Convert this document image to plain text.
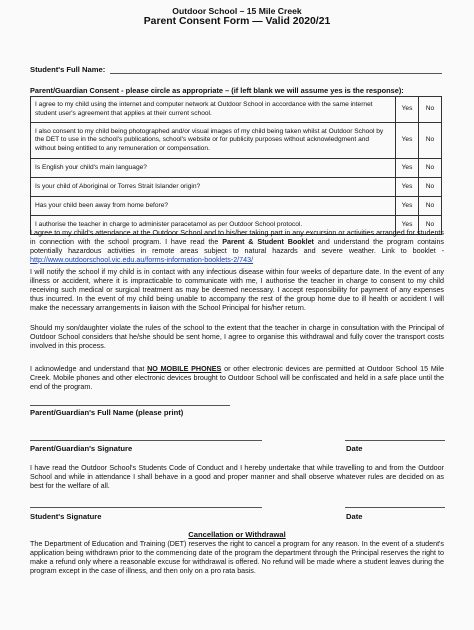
Outdoor School – 15 Mile Creek
Parent Consent Form — Valid 2020/21
Student's Full Name:
Parent/Guardian Consent - please circle as appropriate – (if left blank we will assume yes is the response):
I agree to my child using the internet and computer network at Outdoor School in accordance with the same internet student user's agreement that applies at their current school.	Yes	No
I also consent to my child being photographed and/or visual images of my child being taken whilst at Outdoor School by the DET to use in the school's publications, school's website or for publicity purposes without acknowledgment and without being entitled to any remuneration or compensation.	Yes	No
Is English your child's main language?	Yes	No
Is your child of Aboriginal or Torres Strait Islander origin?	Yes	No
Has your child been away from home before?	Yes	No
I authorise the teacher in charge to administer paracetamol as per Outdoor School protocol.	Yes	No
I agree to my child's attendance at the Outdoor School and to his/her taking part in any excursion or activities arranged for students in connection with the school program. I have read the Parent & Student Booklet and understand the program contains potentially hazardous activities in remote areas subject to natural hazards and severe weather. Link to booklet - http://www.outdoorschool.vic.edu.au/forms-information-booklets-2/743/
I will notify the school if my child is in contact with any infectious disease within four weeks of departure date. In the event of any illness or accident, where it is impracticable to communicate with me, I authorise the teacher in charge to consent to my child receiving such medical or surgical treatment as may be deemed necessary. I accept responsibility for payment of any expenses thus incurred. In the event of my child being unable to accompany the rest of the group home due to ill health or accident I will make the necessary arrangements in liaison with the School Principal for his/her return.
Should my son/daughter violate the rules of the school to the extent that the teacher in charge in consultation with the Principal of Outdoor School considers that he/she should be sent home, I agree to organise this withdrawal and fully cover the transport costs involved in this process.
I acknowledge and understand that NO MOBILE PHONES or other electronic devices are permitted at Outdoor School 15 Mile Creek. Mobile phones and other electronic devices brought to Outdoor School will be confiscated and held in a safe place until the end of the program.
Parent/Guardian's Full Name (please print)
Parent/Guardian's Signature	Date
I have read the Outdoor School's Students Code of Conduct and I hereby undertake that while travelling to and from the Outdoor School and while in attendance I shall behave in a good and proper manner and shall observe whatever rules are decided on as best for the welfare of all.
Student's Signature	Date
Cancellation or Withdrawal
The Department of Education and Training (DET) reserves the right to cancel a program for any reason. In the event of a student's application being withdrawn prior to the commencing date of the program the department through the Principal reserves the right to make a refund only where a reasonable excuse for withdrawal is offered. No refund will be made where a student leaves during the program except in the case of illness, and then only on a pro rata basis.
